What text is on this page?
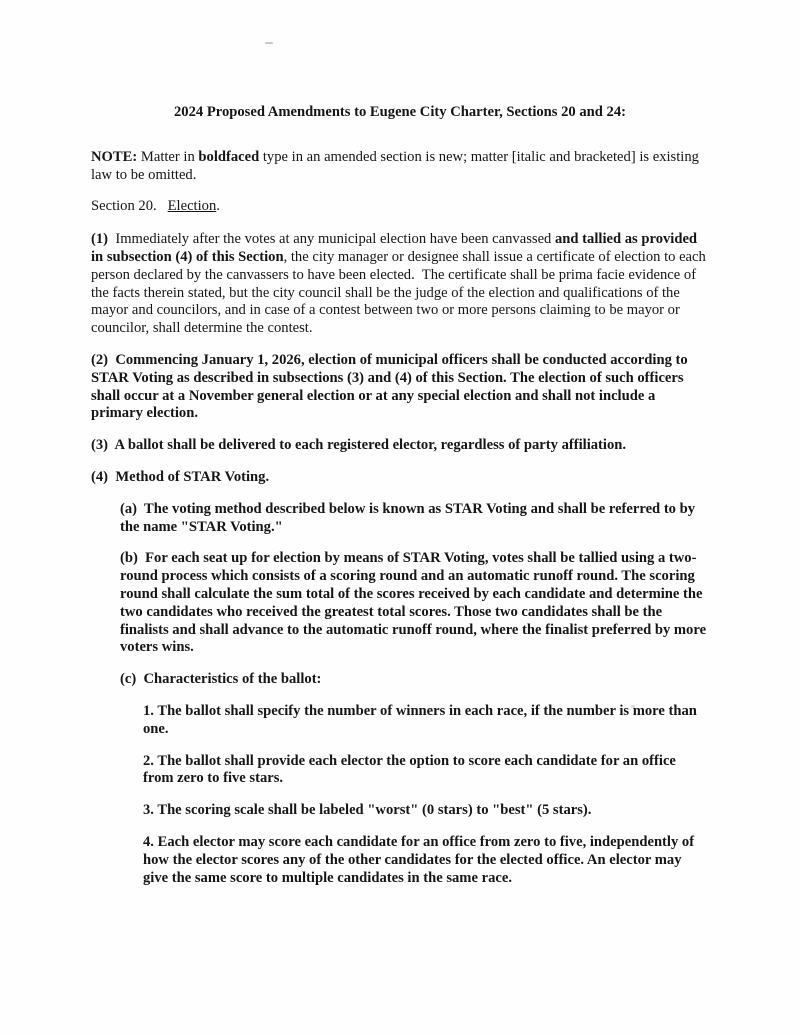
2024 Proposed Amendments to Eugene City Charter, Sections 20 and 24:

NOTE: Matter in boldfaced type in an amended section is new; matter [italic and bracketed] is existing law to be omitted.

Section 20.   Election.

(1)  Immediately after the votes at any municipal election have been canvassed and tallied as provided in subsection (4) of this Section, the city manager or designee shall issue a certificate of election to each person declared by the canvassers to have been elected.  The certificate shall be prima facie evidence of the facts therein stated, but the city council shall be the judge of the election and qualifications of the mayor and councilors, and in case of a contest between two or more persons claiming to be mayor or councilor, shall determine the contest.

(2)  Commencing January 1, 2026, election of municipal officers shall be conducted according to STAR Voting as described in subsections (3) and (4) of this Section. The election of such officers shall occur at a November general election or at any special election and shall not include a primary election.

(3)  A ballot shall be delivered to each registered elector, regardless of party affiliation.

(4)  Method of STAR Voting.

(a)  The voting method described below is known as STAR Voting and shall be referred to by the name "STAR Voting."

(b)  For each seat up for election by means of STAR Voting, votes shall be tallied using a two-round process which consists of a scoring round and an automatic runoff round. The scoring round shall calculate the sum total of the scores received by each candidate and determine the two candidates who received the greatest total scores. Those two candidates shall be the finalists and shall advance to the automatic runoff round, where the finalist preferred by more voters wins.

(c)  Characteristics of the ballot:

1. The ballot shall specify the number of winners in each race, if the number is more than one.

2. The ballot shall provide each elector the option to score each candidate for an office from zero to five stars.

3. The scoring scale shall be labeled "worst" (0 stars) to "best" (5 stars).

4. Each elector may score each candidate for an office from zero to five, independently of how the elector scores any of the other candidates for the elected office. An elector may give the same score to multiple candidates in the same race.
